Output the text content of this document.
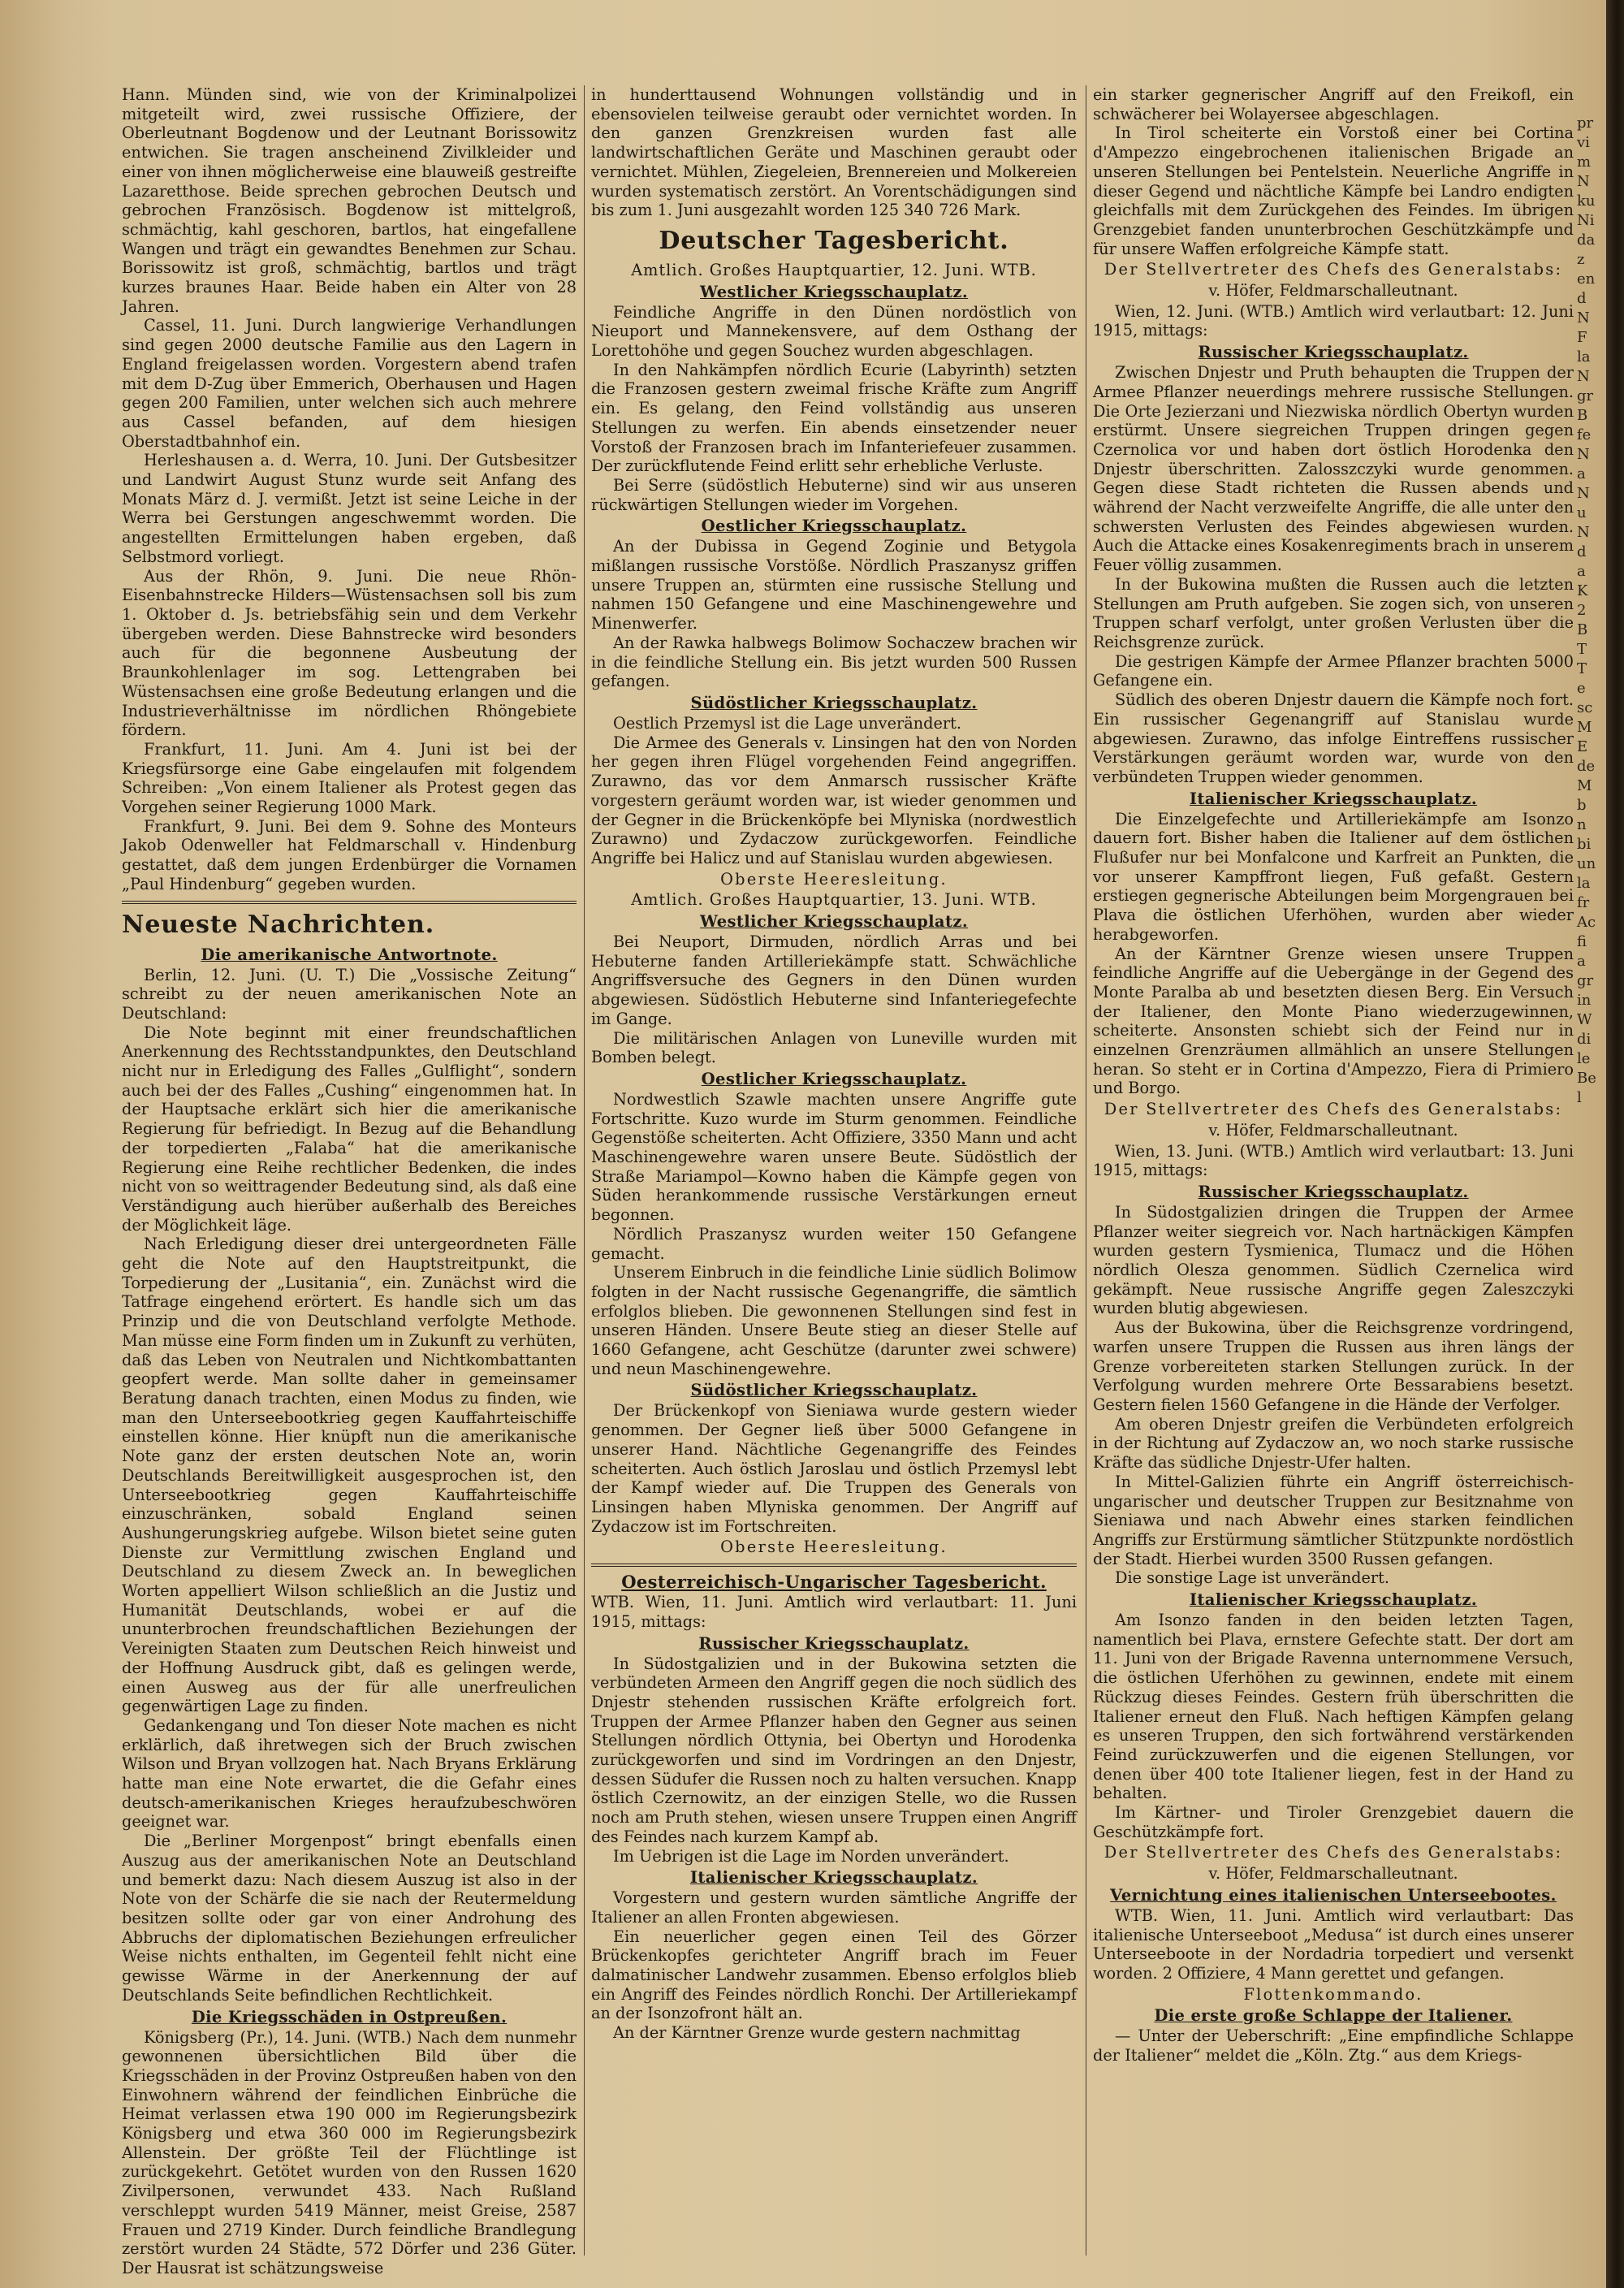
Hann. Münden sind, wie von der Kriminalpolizei mitgeteilt wird, zwei russische Offiziere, der Oberleutnant Bogdenow und der Leutnant Borissowitz entwichen. Sie tragen anscheinend Zivilkleider und einer von ihnen möglicherweise eine blauweiß gestreifte Lazaretthose. Beide sprechen gebrochen Deutsch und gebrochen Französisch. Bogdenow ist mittelgroß, schmächtig, kahl geschoren, bartlos, hat eingefallene Wangen und trägt ein gewandtes Benehmen zur Schau. Borissowitz ist groß, schmächtig, bartlos und trägt kurzes braunes Haar. Beide haben ein Alter von 28 Jahren.

Cassel, 11. Juni. Durch langwierige Verhandlungen sind gegen 2000 deutsche Familie aus den Lagern in England freigelassen worden. Vorgestern abend trafen mit dem D-Zug über Emmerich, Oberhausen und Hagen gegen 200 Familien, unter welchen sich auch mehrere aus Cassel befanden, auf dem hiesigen Oberstadtbahnhof ein.

Herleshausen a. d. Werra, 10. Juni. Der Gutsbesitzer und Landwirt August Stunz wurde seit Anfang des Monats März d. J. vermißt. Jetzt ist seine Leiche in der Werra bei Gerstungen angeschwemmt worden. Die angestellten Ermittelungen haben ergeben, daß Selbstmord vorliegt.

Aus der Rhön, 9. Juni. Die neue Rhön-Eisenbahnstrecke Hilders—Wüstensachsen soll bis zum 1. Oktober d. Js. betriebsfähig sein und dem Verkehr übergeben werden. Diese Bahnstrecke wird besonders auch für die begonnene Ausbeutung der Braunkohlenlager im sog. Lettengraben bei Wüstensachsen eine große Bedeutung erlangen und die Industrieverhältnisse im nördlichen Rhöngebiete fördern.

Frankfurt, 11. Juni. Am 4. Juni ist bei der Kriegsfürsorge eine Gabe eingelaufen mit folgendem Schreiben: „Von einem Italiener als Protest gegen das Vorgehen seiner Regierung 1000 Mark.

Frankfurt, 9. Juni. Bei dem 9. Sohne des Monteurs Jakob Odenweller hat Feldmarschall v. Hindenburg gestattet, daß dem jungen Erdenbürger die Vornamen „Paul Hindenburg“ gegeben wurden.

Neueste Nachrichten.
Die amerikanische Antwortnote.

Berlin, 12. Juni. (U. T.) Die „Vossische Zeitung“ schreibt zu der neuen amerikanischen Note an Deutschland:

Die Note beginnt mit einer freundschaftlichen Anerkennung des Rechtsstandpunktes, den Deutschland nicht nur in Erledigung des Falles „Gulflight“, sondern auch bei der des Falles „Cushing“ eingenommen hat. In der Hauptsache erklärt sich hier die amerikanische Regierung für befriedigt. In Bezug auf die Behandlung der torpedierten „Falaba“ hat die amerikanische Regierung eine Reihe rechtlicher Bedenken, die indes nicht von so weittragender Bedeutung sind, als daß eine Verständigung auch hierüber außerhalb des Bereiches der Möglichkeit läge.

Nach Erledigung dieser drei untergeordneten Fälle geht die Note auf den Hauptstreitpunkt, die Torpedierung der „Lusitania“, ein. Zunächst wird die Tatfrage eingehend erörtert. Es handle sich um das Prinzip und die von Deutschland verfolgte Methode. Man müsse eine Form finden um in Zukunft zu verhüten, daß das Leben von Neutralen und Nichtkombattanten geopfert werde. Man sollte daher in gemeinsamer Beratung danach trachten, einen Modus zu finden, wie man den Unterseebootkrieg gegen Kauffahrteischiffe einstellen könne. Hier knüpft nun die amerikanische Note ganz der ersten deutschen Note an, worin Deutschlands Bereitwilligkeit ausgesprochen ist, den Unterseebootkrieg gegen Kauffahrteischiffe einzuschränken, sobald England seinen Aushungerungskrieg aufgebe. Wilson bietet seine guten Dienste zur Vermittlung zwischen England und Deutschland zu diesem Zweck an. In beweglichen Worten appelliert Wilson schließlich an die Justiz und Humanität Deutschlands, wobei er auf die ununterbrochen freundschaftlichen Beziehungen der Vereinigten Staaten zum Deutschen Reich hinweist und der Hoffnung Ausdruck gibt, daß es gelingen werde, einen Ausweg aus der für alle unerfreulichen gegenwärtigen Lage zu finden.

Gedankengang und Ton dieser Note machen es nicht erklärlich, daß ihretwegen sich der Bruch zwischen Wilson und Bryan vollzogen hat. Nach Bryans Erklärung hatte man eine Note erwartet, die die Gefahr eines deutsch-amerikanischen Krieges heraufzubeschwören geeignet war.

Die „Berliner Morgenpost“ bringt ebenfalls einen Auszug aus der amerikanischen Note an Deutschland und bemerkt dazu: Nach diesem Auszug ist also in der Note von der Schärfe die sie nach der Reutermeldung besitzen sollte oder gar von einer Androhung des Abbruchs der diplomatischen Beziehungen erfreulicher Weise nichts enthalten, im Gegenteil fehlt nicht eine gewisse Wärme in der Anerkennung der auf Deutschlands Seite befindlichen Rechtlichkeit.

Die Kriegsschäden in Ostpreußen.

Königsberg (Pr.), 14. Juni. (WTB.) Nach dem nunmehr gewonnenen übersichtlichen Bild über die Kriegsschäden in der Provinz Ostpreußen haben von den Einwohnern während der feindlichen Einbrüche die Heimat verlassen etwa 190 000 im Regierungsbezirk Königsberg und etwa 360 000 im Regierungsbezirk Allenstein. Der größte Teil der Flüchtlinge ist zurückgekehrt. Getötet wurden von den Russen 1620 Zivilpersonen, verwundet 433. Nach Rußland verschleppt wurden 5419 Männer, meist Greise, 2587 Frauen und 2719 Kinder. Durch feindliche Brandlegung zerstört wurden 24 Städte, 572 Dörfer und 236 Güter. Der Hausrat ist schätzungsweise

in hunderttausend Wohnungen vollständig und in ebensovielen teilweise geraubt oder vernichtet worden. In den ganzen Grenzkreisen wurden fast alle landwirtschaftlichen Geräte und Maschinen geraubt oder vernichtet. Mühlen, Ziegeleien, Brennereien und Molkereien wurden systematisch zerstört. An Vorentschädigungen sind bis zum 1. Juni ausgezahlt worden 125 340 726 Mark.

Deutscher Tagesbericht.
Amtlich. Großes Hauptquartier, 12. Juni. WTB.
Westlicher Kriegsschauplatz.

Feindliche Angriffe in den Dünen nordöstlich von Nieuport und Mannekensvere, auf dem Osthang der Lorettohöhe und gegen Souchez wurden abgeschlagen.

In den Nahkämpfen nördlich Ecurie (Labyrinth) setzten die Franzosen gestern zweimal frische Kräfte zum Angriff ein. Es gelang, den Feind vollständig aus unseren Stellungen zu werfen. Ein abends einsetzender neuer Vorstoß der Franzosen brach im Infanteriefeuer zusammen. Der zurückflutende Feind erlitt sehr erhebliche Verluste.

Bei Serre (südöstlich Hebuterne) sind wir aus unseren rückwärtigen Stellungen wieder im Vorgehen.

Oestlicher Kriegsschauplatz.

An der Dubissa in Gegend Zoginie und Betygola mißlangen russische Vorstöße. Nördlich Praszanysz griffen unsere Truppen an, stürmten eine russische Stellung und nahmen 150 Gefangene und eine Maschinengewehre und Minenwerfer.

An der Rawka halbwegs Bolimow Sochaczew brachen wir in die feindliche Stellung ein. Bis jetzt wurden 500 Russen gefangen.

Südöstlicher Kriegsschauplatz.

Oestlich Przemysl ist die Lage unverändert.

Die Armee des Generals v. Linsingen hat den von Norden her gegen ihren Flügel vorgehenden Feind angegriffen. Zurawno, das vor dem Anmarsch russischer Kräfte vorgestern geräumt worden war, ist wieder genommen und der Gegner in die Brückenköpfe bei Mlyniska (nordwestlich Zurawno) und Zydaczow zurückgeworfen. Feindliche Angriffe bei Halicz und auf Stanislau wurden abgewiesen.

Oberste Heeresleitung.
Amtlich. Großes Hauptquartier, 13. Juni. WTB.
Westlicher Kriegsschauplatz.

Bei Neuport, Dirmuden, nördlich Arras und bei Hebuterne fanden Artilleriekämpfe statt. Schwächliche Angriffsversuche des Gegners in den Dünen wurden abgewiesen. Südöstlich Hebuterne sind Infanteriegefechte im Gange.

Die militärischen Anlagen von Luneville wurden mit Bomben belegt.

Oestlicher Kriegsschauplatz.

Nordwestlich Szawle machten unsere Angriffe gute Fortschritte. Kuzo wurde im Sturm genommen. Feindliche Gegenstöße scheiterten. Acht Offiziere, 3350 Mann und acht Maschinengewehre waren unsere Beute. Südöstlich der Straße Mariampol—Kowno haben die Kämpfe gegen von Süden herankommende russische Verstärkungen erneut begonnen.

Nördlich Praszanysz wurden weiter 150 Gefangene gemacht.

Unserem Einbruch in die feindliche Linie südlich Bolimow folgten in der Nacht russische Gegenangriffe, die sämtlich erfolglos blieben. Die gewonnenen Stellungen sind fest in unseren Händen. Unsere Beute stieg an dieser Stelle auf 1660 Gefangene, acht Geschütze (darunter zwei schwere) und neun Maschinengewehre.

Südöstlicher Kriegsschauplatz.

Der Brückenkopf von Sieniawa wurde gestern wieder genommen. Der Gegner ließ über 5000 Gefangene in unserer Hand. Nächtliche Gegenangriffe des Feindes scheiterten. Auch östlich Jaroslau und östlich Przemysl lebt der Kampf wieder auf. Die Truppen des Generals von Linsingen haben Mlyniska genommen. Der Angriff auf Zydaczow ist im Fortschreiten.

Oberste Heeresleitung.
Oesterreichisch-Ungarischer Tagesbericht.

WTB. Wien, 11. Juni. Amtlich wird verlautbart: 11. Juni 1915, mittags:

Russischer Kriegsschauplatz.

In Südostgalizien und in der Bukowina setzten die verbündeten Armeen den Angriff gegen die noch südlich des Dnjestr stehenden russischen Kräfte erfolgreich fort. Truppen der Armee Pflanzer haben den Gegner aus seinen Stellungen nördlich Ottynia, bei Obertyn und Horodenka zurückgeworfen und sind im Vordringen an den Dnjestr, dessen Südufer die Russen noch zu halten versuchen. Knapp östlich Czernowitz, an der einzigen Stelle, wo die Russen noch am Pruth stehen, wiesen unsere Truppen einen Angriff des Feindes nach kurzem Kampf ab.

Im Uebrigen ist die Lage im Norden unverändert.

Italienischer Kriegsschauplatz.

Vorgestern und gestern wurden sämtliche Angriffe der Italiener an allen Fronten abgewiesen.

Ein neuerlicher gegen einen Teil des Görzer Brückenkopfes gerichteter Angriff brach im Feuer dalmatinischer Landwehr zusammen. Ebenso erfolglos blieb ein Angriff des Feindes nördlich Ronchi. Der Artilleriekampf an der Isonzofront hält an.

An der Kärntner Grenze wurde gestern nachmittag

ein starker gegnerischer Angriff auf den Freikofl, ein schwächerer bei Wolayersee abgeschlagen.

In Tirol scheiterte ein Vorstoß einer bei Cortina d'Ampezzo eingebrochenen italienischen Brigade an unseren Stellungen bei Pentelstein. Neuerliche Angriffe in dieser Gegend und nächtliche Kämpfe bei Landro endigten gleichfalls mit dem Zurückgehen des Feindes. Im übrigen Grenzgebiet fanden ununterbrochen Geschützkämpfe und für unsere Waffen erfolgreiche Kämpfe statt.

Der Stellvertreter des Chefs des Generalstabs:
v. Höfer, Feldmarschalleutnant.

Wien, 12. Juni. (WTB.) Amtlich wird verlautbart: 12. Juni 1915, mittags:

Russischer Kriegsschauplatz.

Zwischen Dnjestr und Pruth behaupten die Truppen der Armee Pflanzer neuerdings mehrere russische Stellungen. Die Orte Jezierzani und Niezwiska nördlich Obertyn wurden erstürmt. Unsere siegreichen Truppen dringen gegen Czernolica vor und haben dort östlich Horodenka den Dnjestr überschritten. Zalosszczyki wurde genommen. Gegen diese Stadt richteten die Russen abends und während der Nacht verzweifelte Angriffe, die alle unter den schwersten Verlusten des Feindes abgewiesen wurden. Auch die Attacke eines Kosakenregiments brach in unserem Feuer völlig zusammen.

In der Bukowina mußten die Russen auch die letzten Stellungen am Pruth aufgeben. Sie zogen sich, von unseren Truppen scharf verfolgt, unter großen Verlusten über die Reichsgrenze zurück.

Die gestrigen Kämpfe der Armee Pflanzer brachten 5000 Gefangene ein.

Südlich des oberen Dnjestr dauern die Kämpfe noch fort. Ein russischer Gegenangriff auf Stanislau wurde abgewiesen. Zurawno, das infolge Eintreffens russischer Verstärkungen geräumt worden war, wurde von den verbündeten Truppen wieder genommen.

Italienischer Kriegsschauplatz.

Die Einzelgefechte und Artilleriekämpfe am Isonzo dauern fort. Bisher haben die Italiener auf dem östlichen Flußufer nur bei Monfalcone und Karfreit an Punkten, die vor unserer Kampffront liegen, Fuß gefaßt. Gestern erstiegen gegnerische Abteilungen beim Morgengrauen bei Plava die östlichen Uferhöhen, wurden aber wieder herabgeworfen.

An der Kärntner Grenze wiesen unsere Truppen feindliche Angriffe auf die Uebergänge in der Gegend des Monte Paralba ab und besetzten diesen Berg. Ein Versuch der Italiener, den Monte Piano wiederzugewinnen, scheiterte. Ansonsten schiebt sich der Feind nur in einzelnen Grenzräumen allmählich an unsere Stellungen heran. So steht er in Cortina d'Ampezzo, Fiera di Primiero und Borgo.

Der Stellvertreter des Chefs des Generalstabs:
v. Höfer, Feldmarschalleutnant.

Wien, 13. Juni. (WTB.) Amtlich wird verlautbart: 13. Juni 1915, mittags:

Russischer Kriegsschauplatz.

In Südostgalizien dringen die Truppen der Armee Pflanzer weiter siegreich vor. Nach hartnäckigen Kämpfen wurden gestern Tysmienica, Tlumacz und die Höhen nördlich Olesza genommen. Südlich Czernelica wird gekämpft. Neue russische Angriffe gegen Zaleszczyki wurden blutig abgewiesen.

Aus der Bukowina, über die Reichsgrenze vordringend, warfen unsere Truppen die Russen aus ihren längs der Grenze vorbereiteten starken Stellungen zurück. In der Verfolgung wurden mehrere Orte Bessarabiens besetzt. Gestern fielen 1560 Gefangene in die Hände der Verfolger.

Am oberen Dnjestr greifen die Verbündeten erfolgreich in der Richtung auf Zydaczow an, wo noch starke russische Kräfte das südliche Dnjestr-Ufer halten.

In Mittel-Galizien führte ein Angriff österreichisch-ungarischer und deutscher Truppen zur Besitznahme von Sieniawa und nach Abwehr eines starken feindlichen Angriffs zur Erstürmung sämtlicher Stützpunkte nordöstlich der Stadt. Hierbei wurden 3500 Russen gefangen.

Die sonstige Lage ist unverändert.

Italienischer Kriegsschauplatz.

Am Isonzo fanden in den beiden letzten Tagen, namentlich bei Plava, ernstere Gefechte statt. Der dort am 11. Juni von der Brigade Ravenna unternommene Versuch, die östlichen Uferhöhen zu gewinnen, endete mit einem Rückzug dieses Feindes. Gestern früh überschritten die Italiener erneut den Fluß. Nach heftigen Kämpfen gelang es unseren Truppen, den sich fortwährend verstärkenden Feind zurückzuwerfen und die eigenen Stellungen, vor denen über 400 tote Italiener liegen, fest in der Hand zu behalten.

Im Kärtner- und Tiroler Grenzgebiet dauern die Geschützkämpfe fort.

Der Stellvertreter des Chefs des Generalstabs:
v. Höfer, Feldmarschalleutnant.
Vernichtung eines italienischen Unterseebootes.

WTB. Wien, 11. Juni. Amtlich wird verlautbart: Das italienische Unterseeboot „Medusa“ ist durch eines unserer Unterseeboote in der Nordadria torpediert und versenkt worden. 2 Offiziere, 4 Mann gerettet und gefangen.

Flottenkommando.
Die erste große Schlappe der Italiener.

— Unter der Ueberschrift: „Eine empfindliche Schlappe der Italiener“ meldet die „Köln. Ztg.“ aus dem Kriegs-

pr
vi
m
N
ku
Ni
da
z
en
d
N
F
la
N
gr
B
fe
N
a
N
u
N
d
a
K
2
B
T
T
e
sc
M
E
de
M
b
n
bi
un
la
fr
Ac
fi
a
gr
in
W
di
le
Be
l
